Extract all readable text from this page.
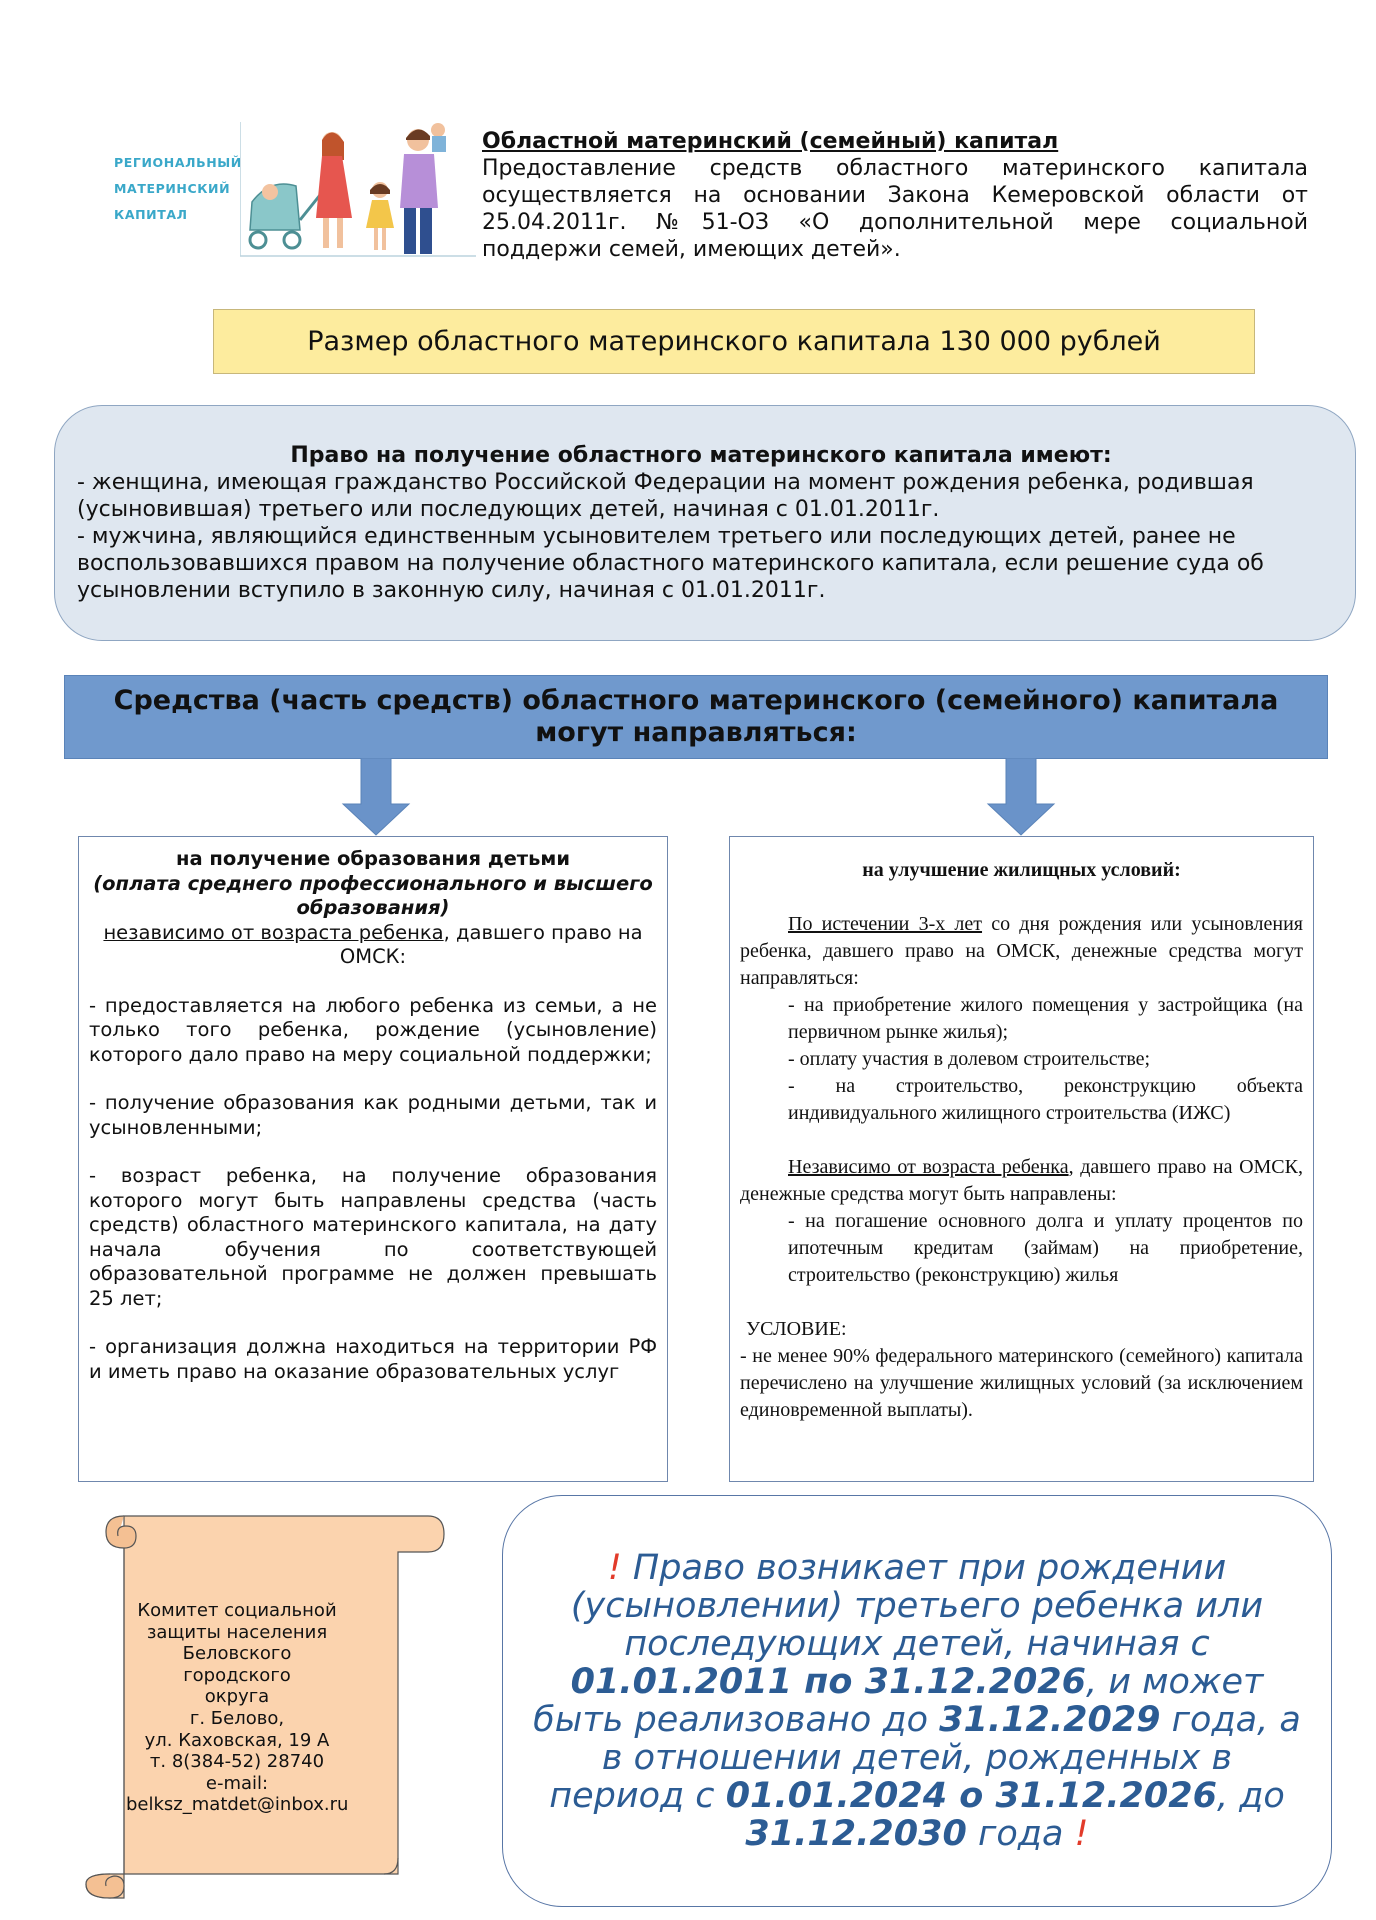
РЕГИОНАЛЬНЫЙ
МАТЕРИНСКИЙ
КАПИТАЛ
Областной материнский (семейный) капитал
Предоставление средств областного материнского капитала осуществляется на основании Закона Кемеровской области от 25.04.2011г. №51-ОЗ «О дополнительной мере социальной
поддержи семей, имеющих детей».
Размер областного материнского капитала 130 000 рублей
Право на получение областного материнского капитала имеют:
- женщина, имеющая гражданство Российской Федерации на момент рождения ребенка, родившая (усыновившая) третьего или последующих детей, начиная с 01.01.2011г.
- мужчина, являющийся единственным усыновителем третьего или последующих детей, ранее не воспользовавшихся правом на получение областного материнского капитала, если решение суда об усыновлении вступило в законную силу, начиная с 01.01.2011г.
Средства (часть средств) областного материнского (семейного) капитала
могут направляться:
на получение образования детьми
(оплата среднего профессионального и высшего образования)
независимо от возраста ребенка, давшего право на ОМСК:
- предоставляется на любого ребенка из семьи, а не только того ребенка, рождение (усыновление) которого дало право на меру социальной поддержки;
- получение образования как родными детьми, так и усыновленными;
- возраст ребенка, на получение образования которого могут быть направлены средства (часть средств) областного материнского капитала, на дату начала обучения по соответствующей образовательной программе не должен превышать 25 лет;
- организация должна находиться на территории РФ и иметь право на оказание образовательных услуг
на улучшение жилищных условий:
По истечении 3-х лет со дня рождения или усыновления ребенка, давшего право на ОМСК, денежные средства могут направляться:
- на приобретение жилого помещения у застройщика (на первичном рынке жилья);
- оплату участия в долевом строительстве;
- на строительство, реконструкцию объекта индивидуального жилищного строительства (ИЖС)
Независимо от возраста ребенка, давшего право на ОМСК, денежные средства могут быть направлены:
- на погашение основного долга и уплату процентов по ипотечным кредитам (займам) на приобретение, строительство (реконструкцию) жилья
УСЛОВИЕ:
- не менее 90% федерального материнского (семейного) капитала перечислено на улучшение жилищных условий (за исключением единовременной выплаты).
Комитет социальной
защиты населения
Беловского городского
округа
г. Белово,
ул. Каховская, 19 А
т. 8(384-52) 28740
e-mail:
belksz_matdet@inbox.ru
! Право возникает при рождении (усыновлении) третьего ребенка или последующих детей, начиная с 01.01.2011 по 31.12.2026, и может быть реализовано до 31.12.2029 года, а в отношении детей, рожденных в период с 01.01.2024 о 31.12.2026, до 31.12.2030 года !
